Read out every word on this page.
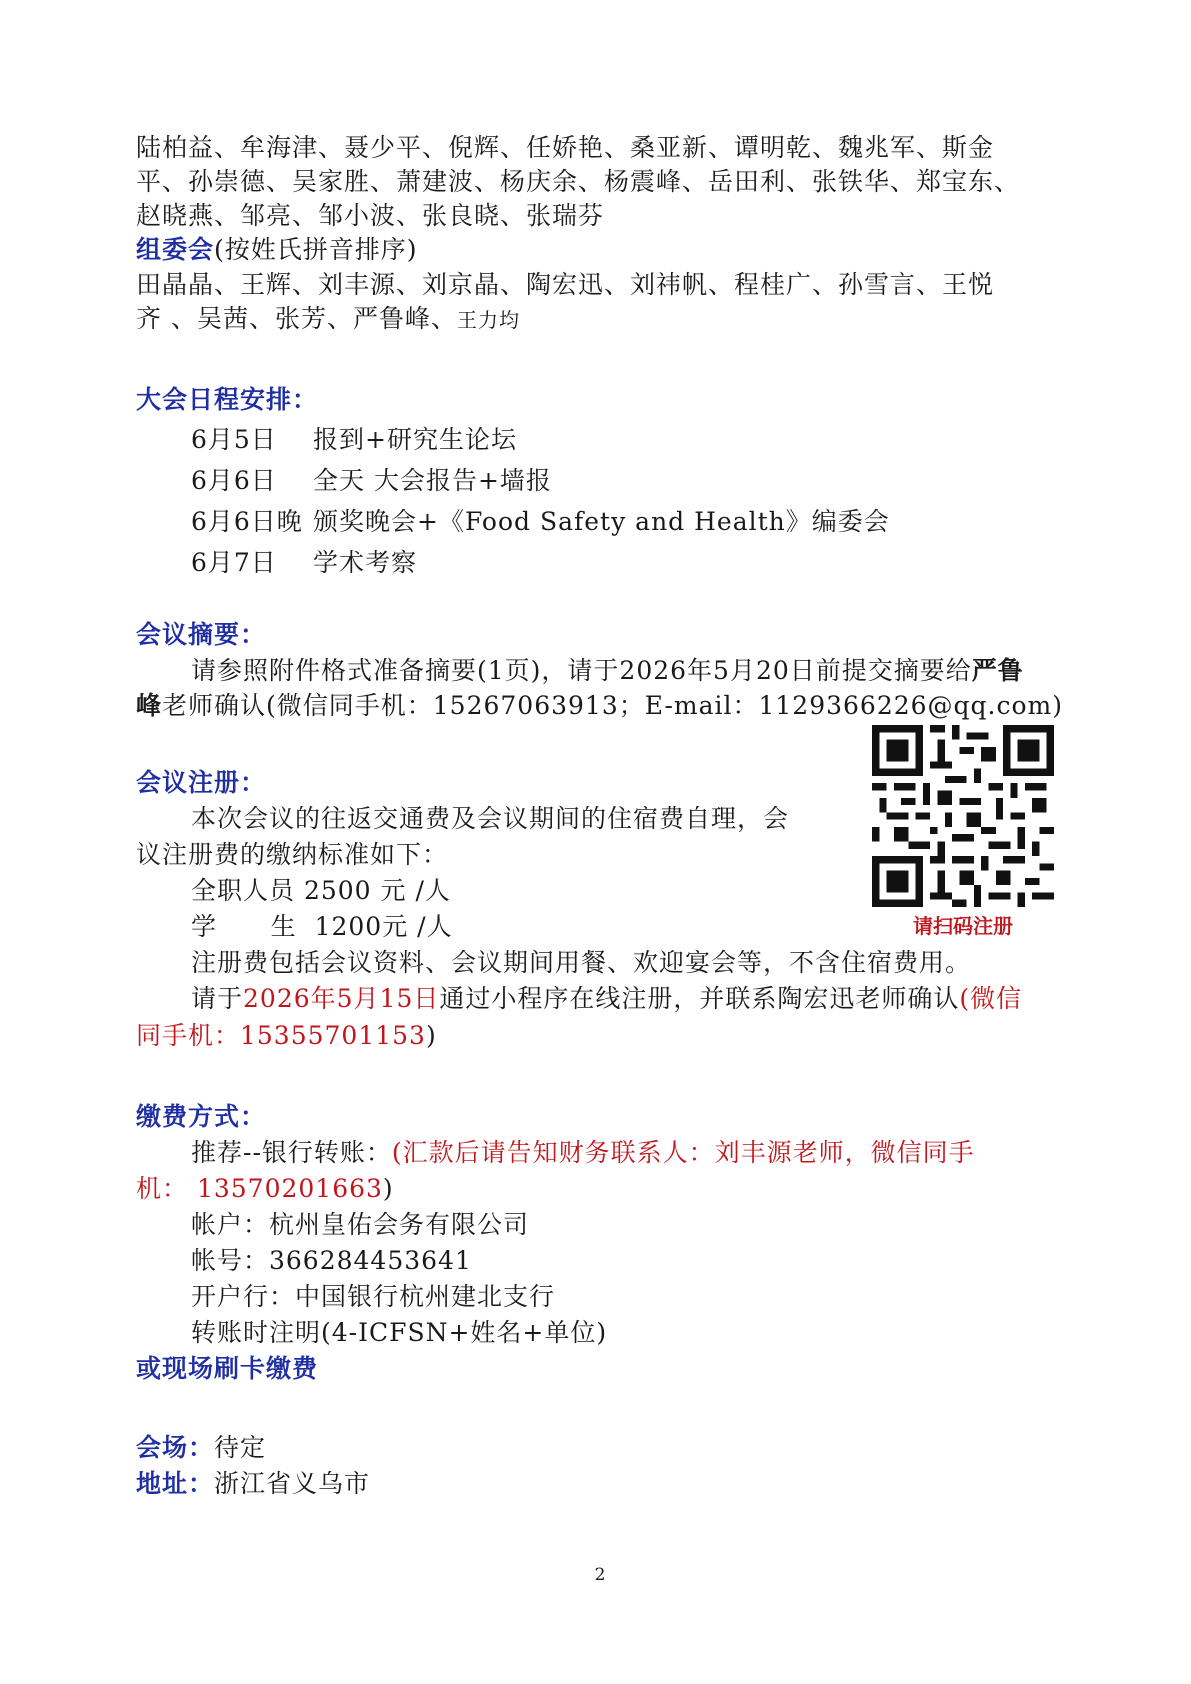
陆柏益、牟海津、聂少平、倪辉、任娇艳、桑亚新、谭明乾、魏兆军、斯金
平、孙崇德、吴家胜、萧建波、杨庆余、杨震峰、岳田利、张铁华、郑宝东、
赵晓燕、邹亮、邹小波、张良晓、张瑞芬
组委会(按姓氏拼音排序)
田晶晶、王辉、刘丰源、刘京晶、陶宏迅、刘祎帆、程桂广、孙雪言、王悦
齐 、吴茜、张芳、严鲁峰、王力均
大会日程安排：
6月5日 报到+研究生论坛
6月6日 全天 大会报告+墙报
6月6日晚 颁奖晚会+《Food Safety and Health》编委会
6月7日 学术考察
会议摘要：
请参照附件格式准备摘要(1页)，请于2026年5月20日前提交摘要给严鲁
峰老师确认(微信同手机：15267063913；E-mail：1129366226@qq.com)
会议注册：
本次会议的往返交通费及会议期间的住宿费自理，会
议注册费的缴纳标准如下：
全职人员 2500 元 /人
学      生  1200元 /人
注册费包括会议资料、会议期间用餐、欢迎宴会等，不含住宿费用。
请于2026年5月15日通过小程序在线注册，并联系陶宏迅老师确认(微信
同手机：15355701153)
请扫码注册
缴费方式：
推荐--银行转账：(汇款后请告知财务联系人：刘丰源老师，微信同手
机： 13570201663)
帐户：杭州皇佑会务有限公司
帐号：366284453641
开户行：中国银行杭州建北支行
转账时注明(4-ICFSN+姓名+单位)
或现场刷卡缴费
会场：待定
地址：浙江省义乌市
2
